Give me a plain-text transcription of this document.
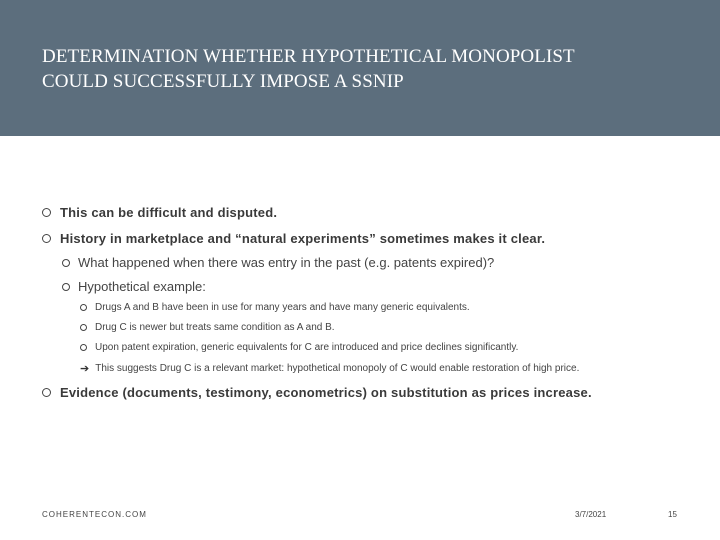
DETERMINATION WHETHER HYPOTHETICAL MONOPOLIST
COULD SUCCESSFULLY IMPOSE A SSNIP
This can be difficult and disputed.
History in marketplace and “natural experiments” sometimes makes it clear.
What happened when there was entry in the past (e.g. patents expired)?
Hypothetical example:
Drugs A and B have been in use for many years and have many generic equivalents.
Drug C is newer but treats same condition as A and B.
Upon patent expiration, generic equivalents for C are introduced and price declines significantly.
➔ This suggests Drug C is a relevant market: hypothetical monopoly of C would enable restoration of high price.
Evidence (documents, testimony, econometrics) on substitution as prices increase.
COHERENTECON.COM	3/7/2021	15
